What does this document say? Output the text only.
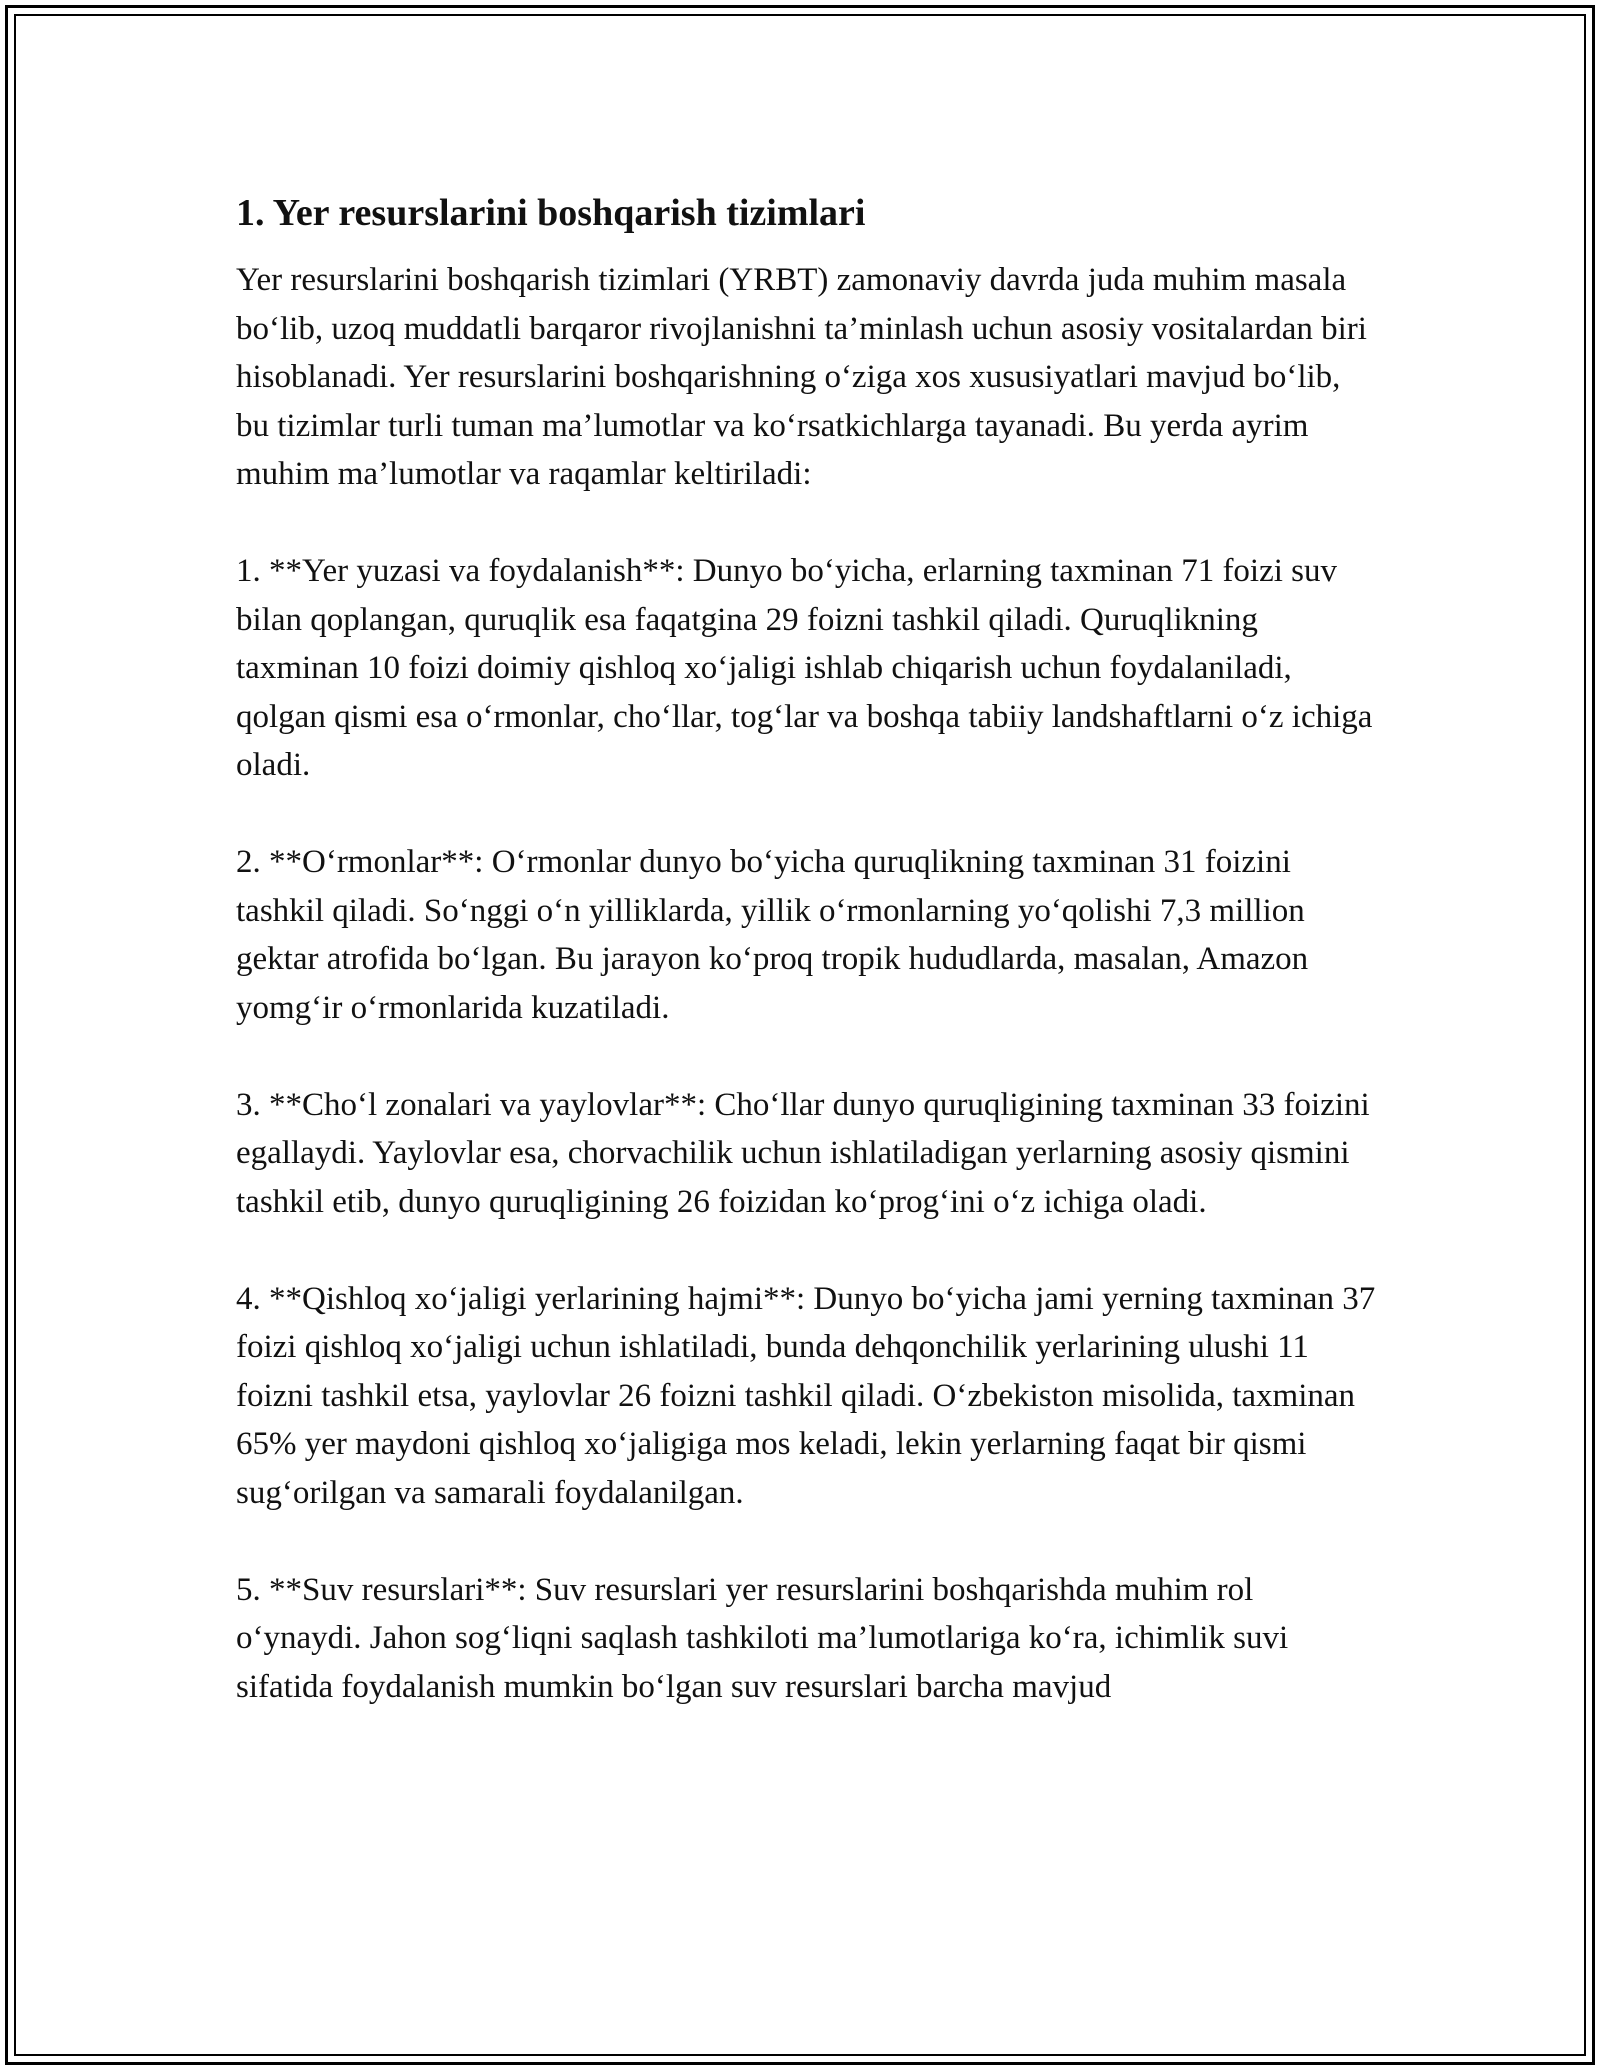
1. Yer resurslarini boshqarish tizimlari

Yer resurslarini boshqarish tizimlari (YRBT) zamonaviy davrda juda muhim masala bo‘lib, uzoq muddatli barqaror rivojlanishni ta’minlash uchun asosiy vositalardan biri hisoblanadi. Yer resurslarini boshqarishning o‘ziga xos xususiyatlari mavjud bo‘lib, bu tizimlar turli tuman ma’lumotlar va ko‘rsatkichlarga tayanadi. Bu yerda ayrim muhim ma’lumotlar va raqamlar keltiriladi:

1. **Yer yuzasi va foydalanish**: Dunyo bo‘yicha, erlarning taxminan 71 foizi suv bilan qoplangan, quruqlik esa faqatgina 29 foizni tashkil qiladi. Quruqlikning taxminan 10 foizi doimiy qishloq xo‘jaligi ishlab chiqarish uchun foydalaniladi, qolgan qismi esa o‘rmonlar, cho‘llar, tog‘lar va boshqa tabiiy landshaftlarni o‘z ichiga oladi.

2. **O‘rmonlar**: O‘rmonlar dunyo bo‘yicha quruqlikning taxminan 31 foizini tashkil qiladi. So‘nggi o‘n yilliklarda, yillik o‘rmonlarning yo‘qolishi 7,3 million gektar atrofida bo‘lgan. Bu jarayon ko‘proq tropik hududlarda, masalan, Amazon yomg‘ir o‘rmonlarida kuzatiladi.

3. **Cho‘l zonalari va yaylovlar**: Cho‘llar dunyo quruqligining taxminan 33 foizini egallaydi. Yaylovlar esa, chorvachilik uchun ishlatiladigan yerlarning asosiy qismini tashkil etib, dunyo quruqligining 26 foizidan ko‘prog‘ini o‘z ichiga oladi.

4. **Qishloq xo‘jaligi yerlarining hajmi**: Dunyo bo‘yicha jami yerning taxminan 37 foizi qishloq xo‘jaligi uchun ishlatiladi, bunda dehqonchilik yerlarining ulushi 11 foizni tashkil etsa, yaylovlar 26 foizni tashkil qiladi. O‘zbekiston misolida, taxminan 65% yer maydoni qishloq xo‘jaligiga mos keladi, lekin yerlarning faqat bir qismi sug‘orilgan va samarali foydalanilgan.

5. **Suv resurslari**: Suv resurslari yer resurslarini boshqarishda muhim rol o‘ynaydi. Jahon sog‘liqni saqlash tashkiloti ma’lumotlariga ko‘ra, ichimlik suvi sifatida foydalanish mumkin bo‘lgan suv resurslari barcha mavjud
